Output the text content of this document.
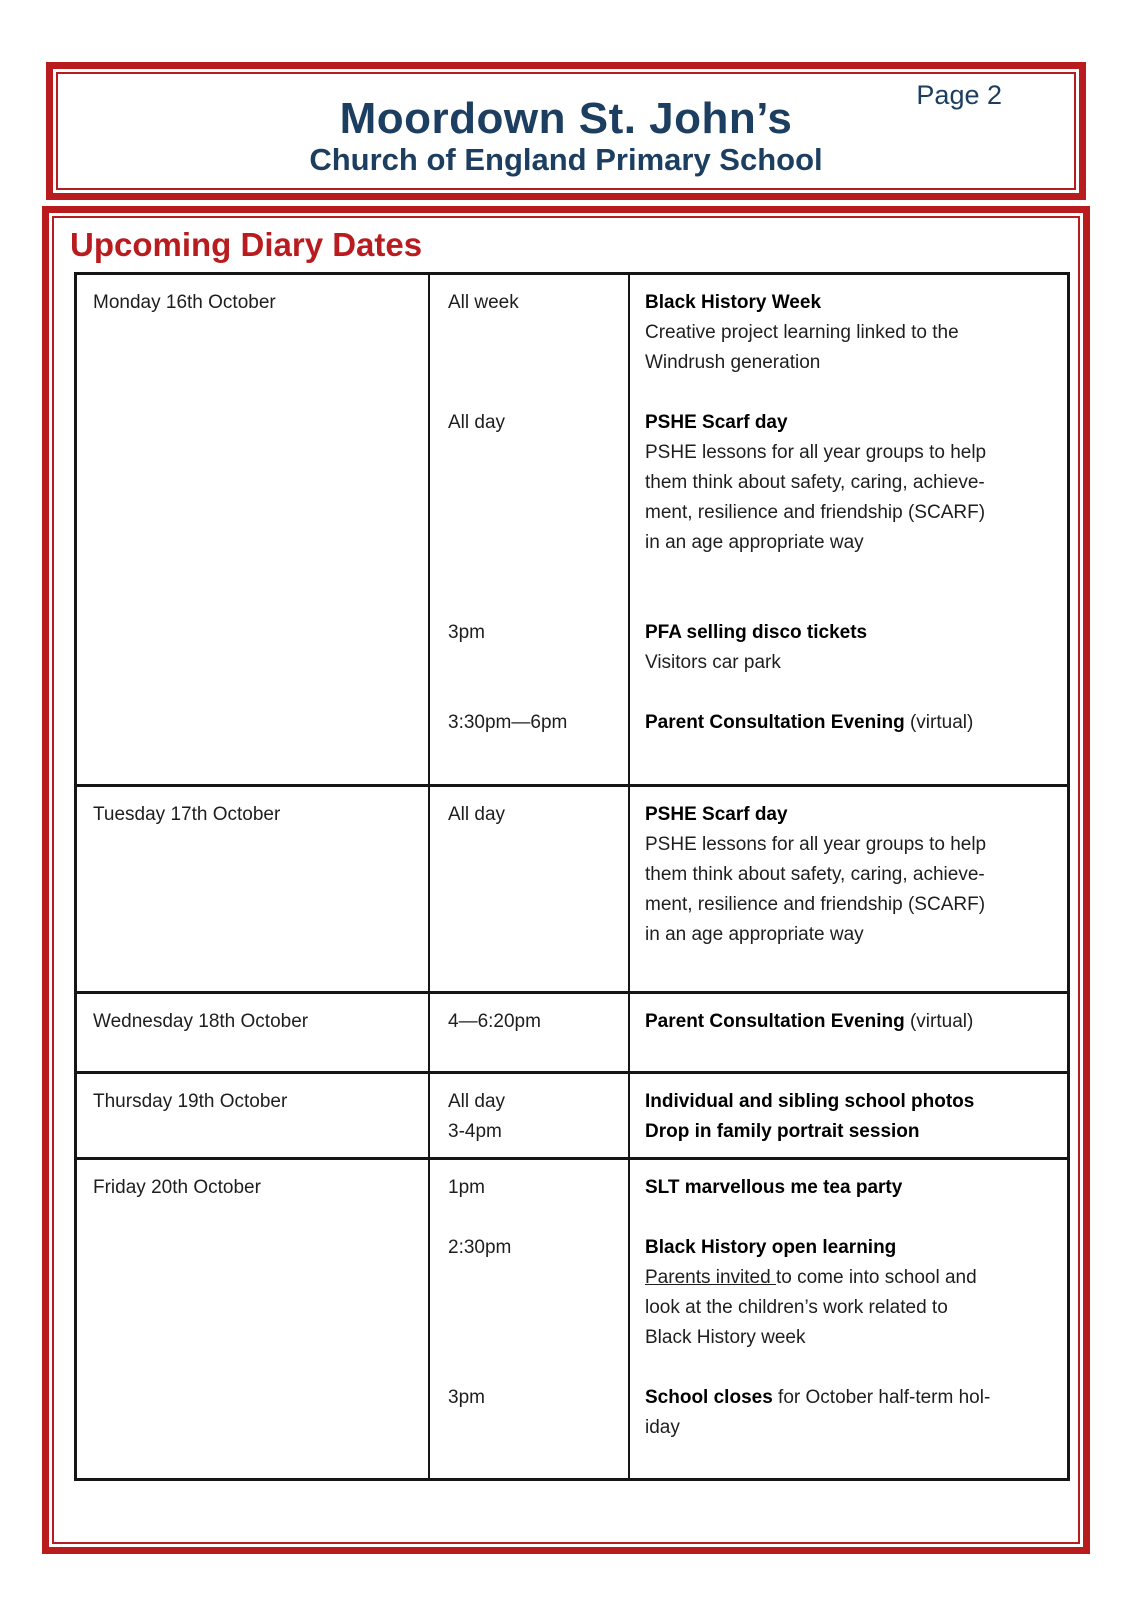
Page 2
Moordown St. John’s
Church of England Primary School
Upcoming Diary Dates
Monday 16th October	All week	Black History Week
Creative project learning linked to the
Windrush generation
All day	PSHE Scarf day
PSHE lessons for all year groups to help
them think about safety, caring, achieve-
ment, resilience and friendship (SCARF)
in an age appropriate way
3pm	PFA selling disco tickets
Visitors car park
3:30pm—6pm	Parent Consultation Evening (virtual)
Tuesday 17th October	All day	PSHE Scarf day
PSHE lessons for all year groups to help
them think about safety, caring, achieve-
ment, resilience and friendship (SCARF)
in an age appropriate way
Wednesday 18th October	4—6:20pm	Parent Consultation Evening (virtual)
Thursday 19th October	All day	Individual and sibling school photos
3-4pm	Drop in family portrait session
Friday 20th October	1pm	SLT marvellous me tea party
2:30pm	Black History open learning
Parents invited to come into school and
look at the children’s work related to
Black History week
3pm	School closes for October half-term hol-
iday
